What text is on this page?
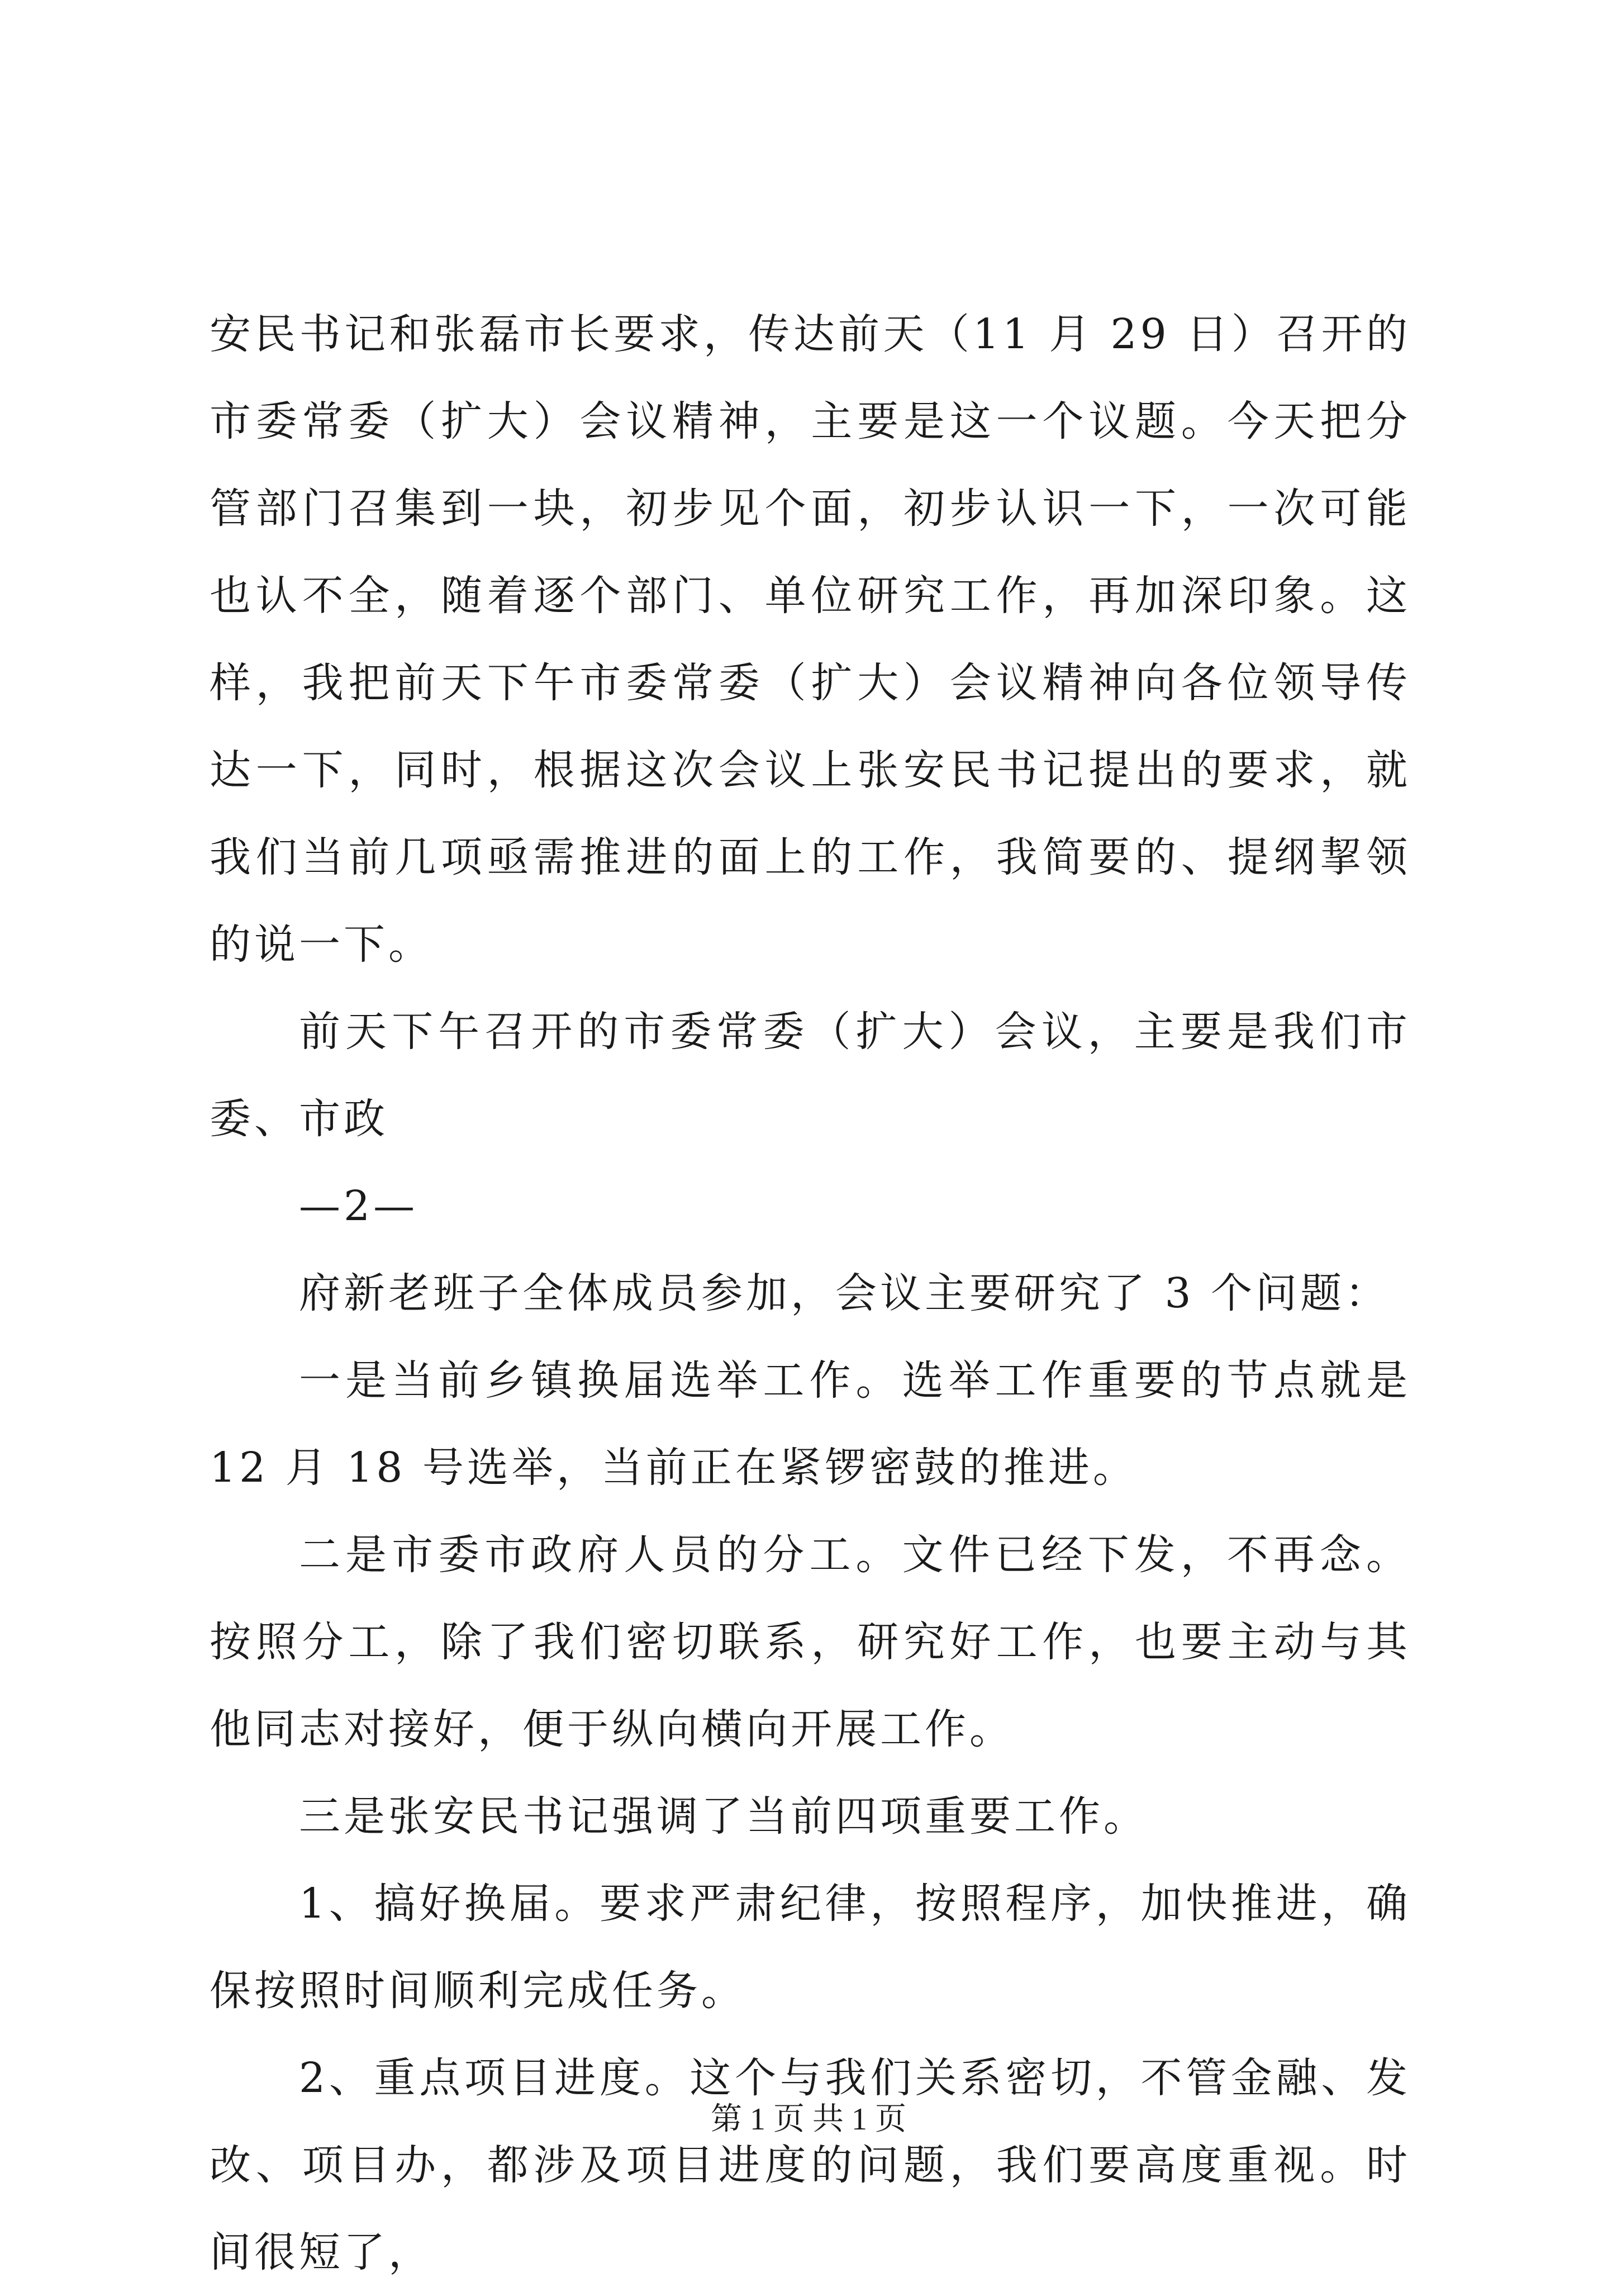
安民书记和张磊市长要求，传达前天（11 月 29 日）召开的市委常委（扩大）会议精神，主要是这一个议题。今天把分管部门召集到一块，初步见个面，初步认识一下，一次可能也认不全，随着逐个部门、单位研究工作，再加深印象。这样，我把前天下午市委常委（扩大）会议精神向各位领导传达一下，同时，根据这次会议上张安民书记提出的要求，就我们当前几项亟需推进的面上的工作，我简要的、提纲挈领的说一下。

前天下午召开的市委常委（扩大）会议，主要是我们市委、市政

—2—

府新老班子全体成员参加，会议主要研究了 3 个问题：

一是当前乡镇换届选举工作。选举工作重要的节点就是 12 月 18 号选举，当前正在紧锣密鼓的推进。

二是市委市政府人员的分工。文件已经下发，不再念。按照分工，除了我们密切联系，研究好工作，也要主动与其他同志对接好，便于纵向横向开展工作。

三是张安民书记强调了当前四项重要工作。

1、搞好换届。要求严肃纪律，按照程序，加快推进，确保按照时间顺利完成任务。

2、重点项目进度。这个与我们关系密切，不管金融、发改、项目办，都涉及项目进度的问题，我们要高度重视。时间很短了，

第 1 页 共 1 页
